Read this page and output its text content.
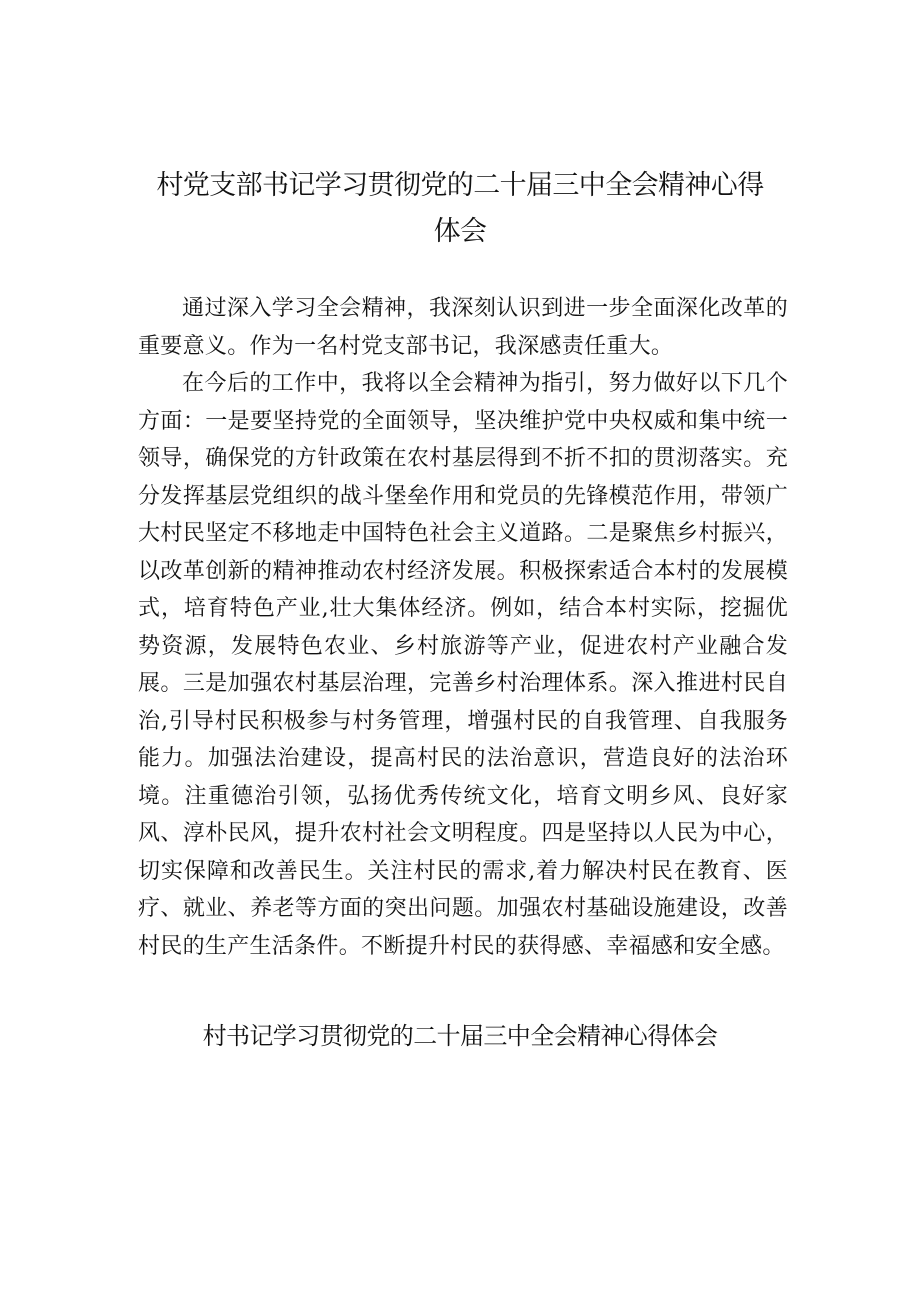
村党支部书记学习贯彻党的二十届三中全会精神心得
体会

通过深入学习全会精神，我深刻认识到进一步全面深化改革的重要意义。作为一名村党支部书记，我深感责任重大。

在今后的工作中，我将以全会精神为指引，努力做好以下几个方面：一是要坚持党的全面领导，坚决维护党中央权威和集中统一领导，确保党的方针政策在农村基层得到不折不扣的贯沏落实。充分发挥基层党组织的战斗堡垒作用和党员的先锋模范作用，带领广大村民坚定不移地走中国特色社会主义道路。二是聚焦乡村振兴，以改革创新的精神推动农村经济发展。积极探索适合本村的发展模式，培育特色产业,壮大集体经济。例如，结合本村实际，挖掘优势资源，发展特色农业、乡村旅游等产业，促进农村产业融合发展。三是加强农村基层治理，完善乡村治理体系。深入推进村民自治,引导村民积极参与村务管理，增强村民的自我管理、自我服务能力。加强法治建设，提高村民的法治意识，营造良好的法治环境。注重德治引领，弘扬优秀传统文化，培育文明乡风、良好家风、淳朴民风，提升农村社会文明程度。四是坚持以人民为中心，切实保障和改善民生。关注村民的需求,着力解决村民在教育、医疗、就业、养老等方面的突出问题。加强农村基础设施建设，改善村民的生产生活条件。不断提升村民的获得感、幸福感和安全感。

村书记学习贯彻党的二十届三中全会精神心得体会
